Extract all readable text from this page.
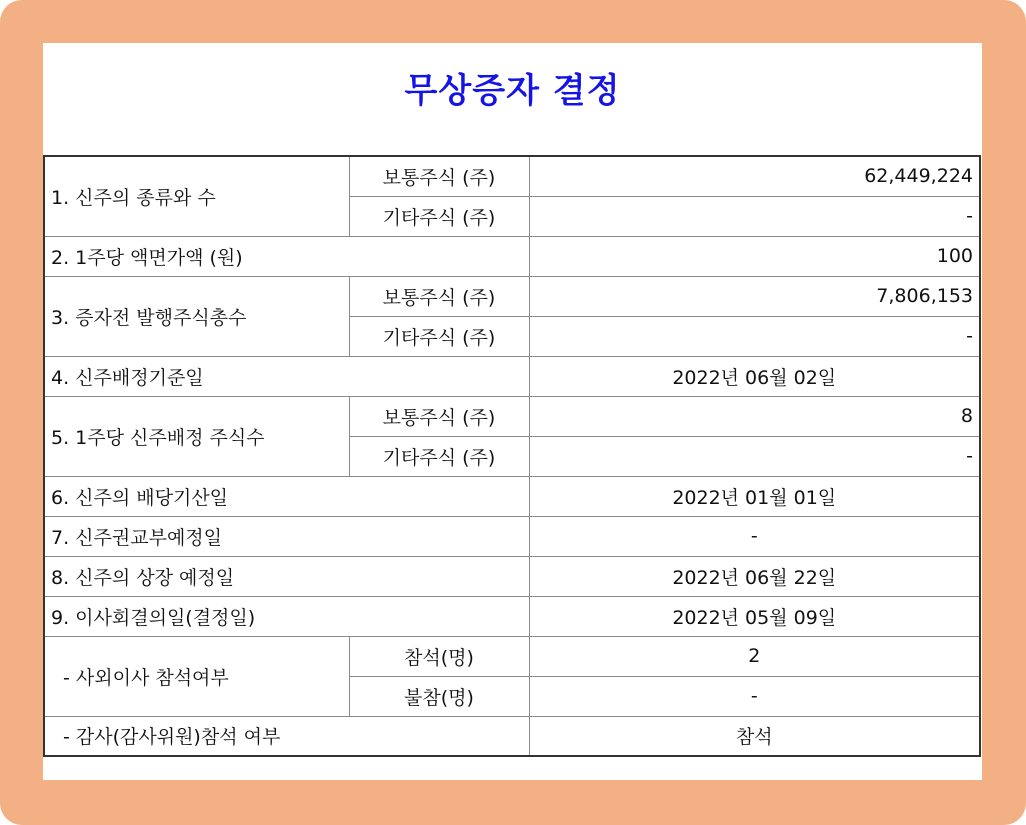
무상증자 결정
1. 신주의 종류와 수	보통주식 (주)	62,449,224
	기타주식 (주)	-
2. 1주당 액면가액 (원)		100
3. 증자전 발행주식총수	보통주식 (주)	7,806,153
	기타주식 (주)	-
4. 신주배정기준일		2022년 06월 02일
5. 1주당 신주배정 주식수	보통주식 (주)	8
	기타주식 (주)	-
6. 신주의 배당기산일		2022년 01월 01일
7. 신주권교부예정일		-
8. 신주의 상장 예정일		2022년 06월 22일
9. 이사회결의일(결정일)		2022년 05월 09일
- 사외이사 참석여부	참석(명)	2
	불참(명)	-
- 감사(감사위원)참석 여부		참석
